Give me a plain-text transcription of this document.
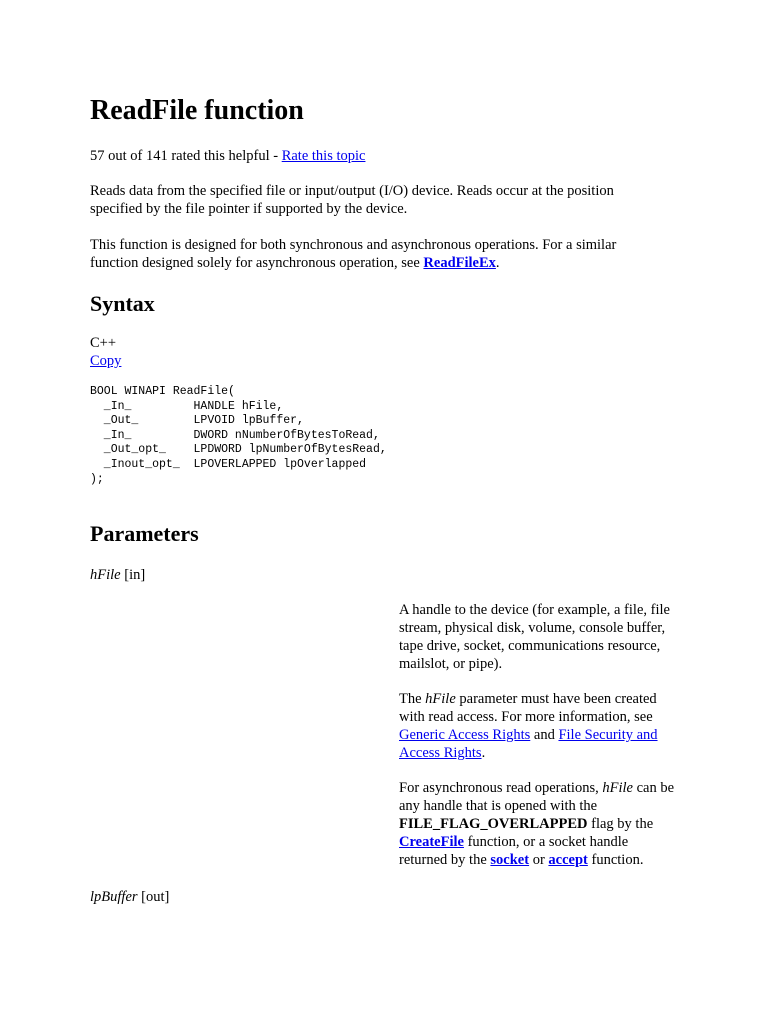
ReadFile function

57 out of 141 rated this helpful - Rate this topic

Reads data from the specified file or input/output (I/O) device. Reads occur at the position specified by the file pointer if supported by the device.

This function is designed for both synchronous and asynchronous operations. For a similar function designed solely for asynchronous operation, see ReadFileEx.

Syntax
C++
Copy
BOOL WINAPI ReadFile(
_In_         HANDLE hFile,
_Out_        LPVOID lpBuffer,
_In_         DWORD nNumberOfBytesToRead,
_Out_opt_    LPDWORD lpNumberOfBytesRead,
_Inout_opt_  LPOVERLAPPED lpOverlapped
);
Parameters

hFile [in]

A handle to the device (for example, a file, file stream, physical disk, volume, console buffer, tape drive, socket, communications resource, mailslot, or pipe).

The hFile parameter must have been created with read access. For more information, see Generic Access Rights and File Security and Access Rights.

For asynchronous read operations, hFile can be any handle that is opened with the FILE_FLAG_OVERLAPPED flag by the CreateFile function, or a socket handle returned by the socket or accept function.

lpBuffer [out]
